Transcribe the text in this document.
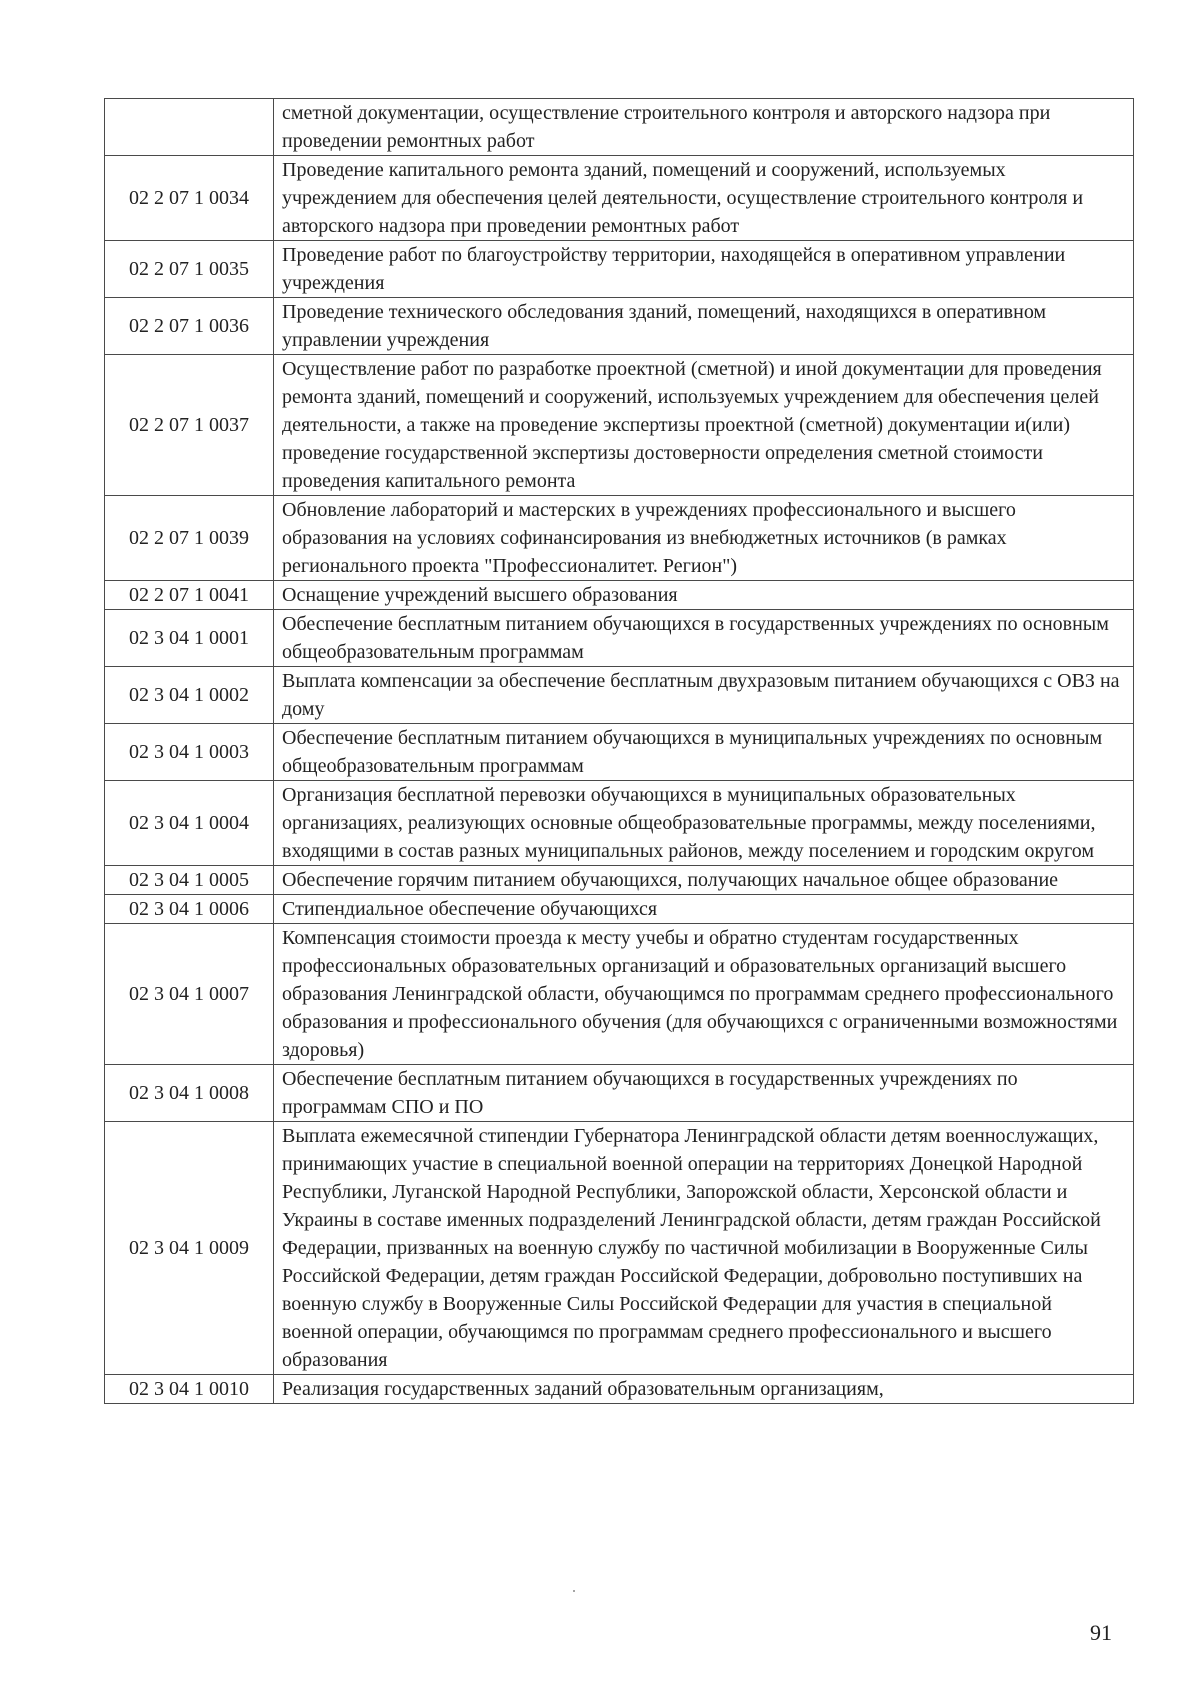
	сметной документации, осуществление строительного контроля и авторского надзора при проведении ремонтных работ
02 2 07 1 0034	Проведение капитального ремонта зданий, помещений и сооружений, используемых учреждением для обеспечения целей деятельности, осуществление строительного контроля и авторского надзора при проведении ремонтных работ
02 2 07 1 0035	Проведение работ по благоустройству территории, находящейся в оперативном управлении учреждения
02 2 07 1 0036	Проведение технического обследования зданий, помещений, находящихся в оперативном управлении учреждения
02 2 07 1 0037	Осуществление работ по разработке проектной (сметной) и иной документации для проведения ремонта зданий, помещений и сооружений, используемых учреждением для обеспечения целей деятельности, а также на проведение экспертизы проектной (сметной) документации и(или) проведение государственной экспертизы достоверности определения сметной стоимости проведения капитального ремонта
02 2 07 1 0039	Обновление лабораторий и мастерских в учреждениях профессионального и высшего образования на условиях софинансирования из внебюджетных источников (в рамках регионального проекта "Профессионалитет. Регион")
02 2 07 1 0041	Оснащение учреждений высшего образования
02 3 04 1 0001	Обеспечение бесплатным питанием обучающихся в государственных учреждениях по основным общеобразовательным программам
02 3 04 1 0002	Выплата компенсации за обеспечение бесплатным двухразовым питанием обучающихся с ОВЗ на дому
02 3 04 1 0003	Обеспечение бесплатным питанием обучающихся в муниципальных учреждениях по основным общеобразовательным программам
02 3 04 1 0004	Организация бесплатной перевозки обучающихся в муниципальных образовательных организациях, реализующих основные общеобразовательные программы, между поселениями, входящими в состав разных муниципальных районов, между поселением и городским округом
02 3 04 1 0005	Обеспечение горячим питанием обучающихся, получающих начальное общее образование
02 3 04 1 0006	Стипендиальное обеспечение обучающихся
02 3 04 1 0007	Компенсация стоимости проезда к месту учебы и обратно студентам государственных профессиональных образовательных организаций и образовательных организаций высшего образования Ленинградской области, обучающимся по программам среднего профессионального образования и профессионального обучения (для обучающихся с ограниченными возможностями здоровья)
02 3 04 1 0008	Обеспечение бесплатным питанием обучающихся в государственных учреждениях по программам СПО и ПО
02 3 04 1 0009	Выплата ежемесячной стипендии Губернатора Ленинградской области детям военнослужащих, принимающих участие в специальной военной операции на территориях Донецкой Народной Республики, Луганской Народной Республики, Запорожской области, Херсонской области и Украины в составе именных подразделений Ленинградской области, детям граждан Российской Федерации, призванных на военную службу по частичной мобилизации в Вооруженные Силы Российской Федерации, детям граждан Российской Федерации, добровольно поступивших на военную службу в Вооруженные Силы Российской Федерации для участия в специальной военной операции, обучающимся по программам среднего профессионального и высшего образования
02 3 04 1 0010	Реализация государственных заданий образовательным организациям,
91
